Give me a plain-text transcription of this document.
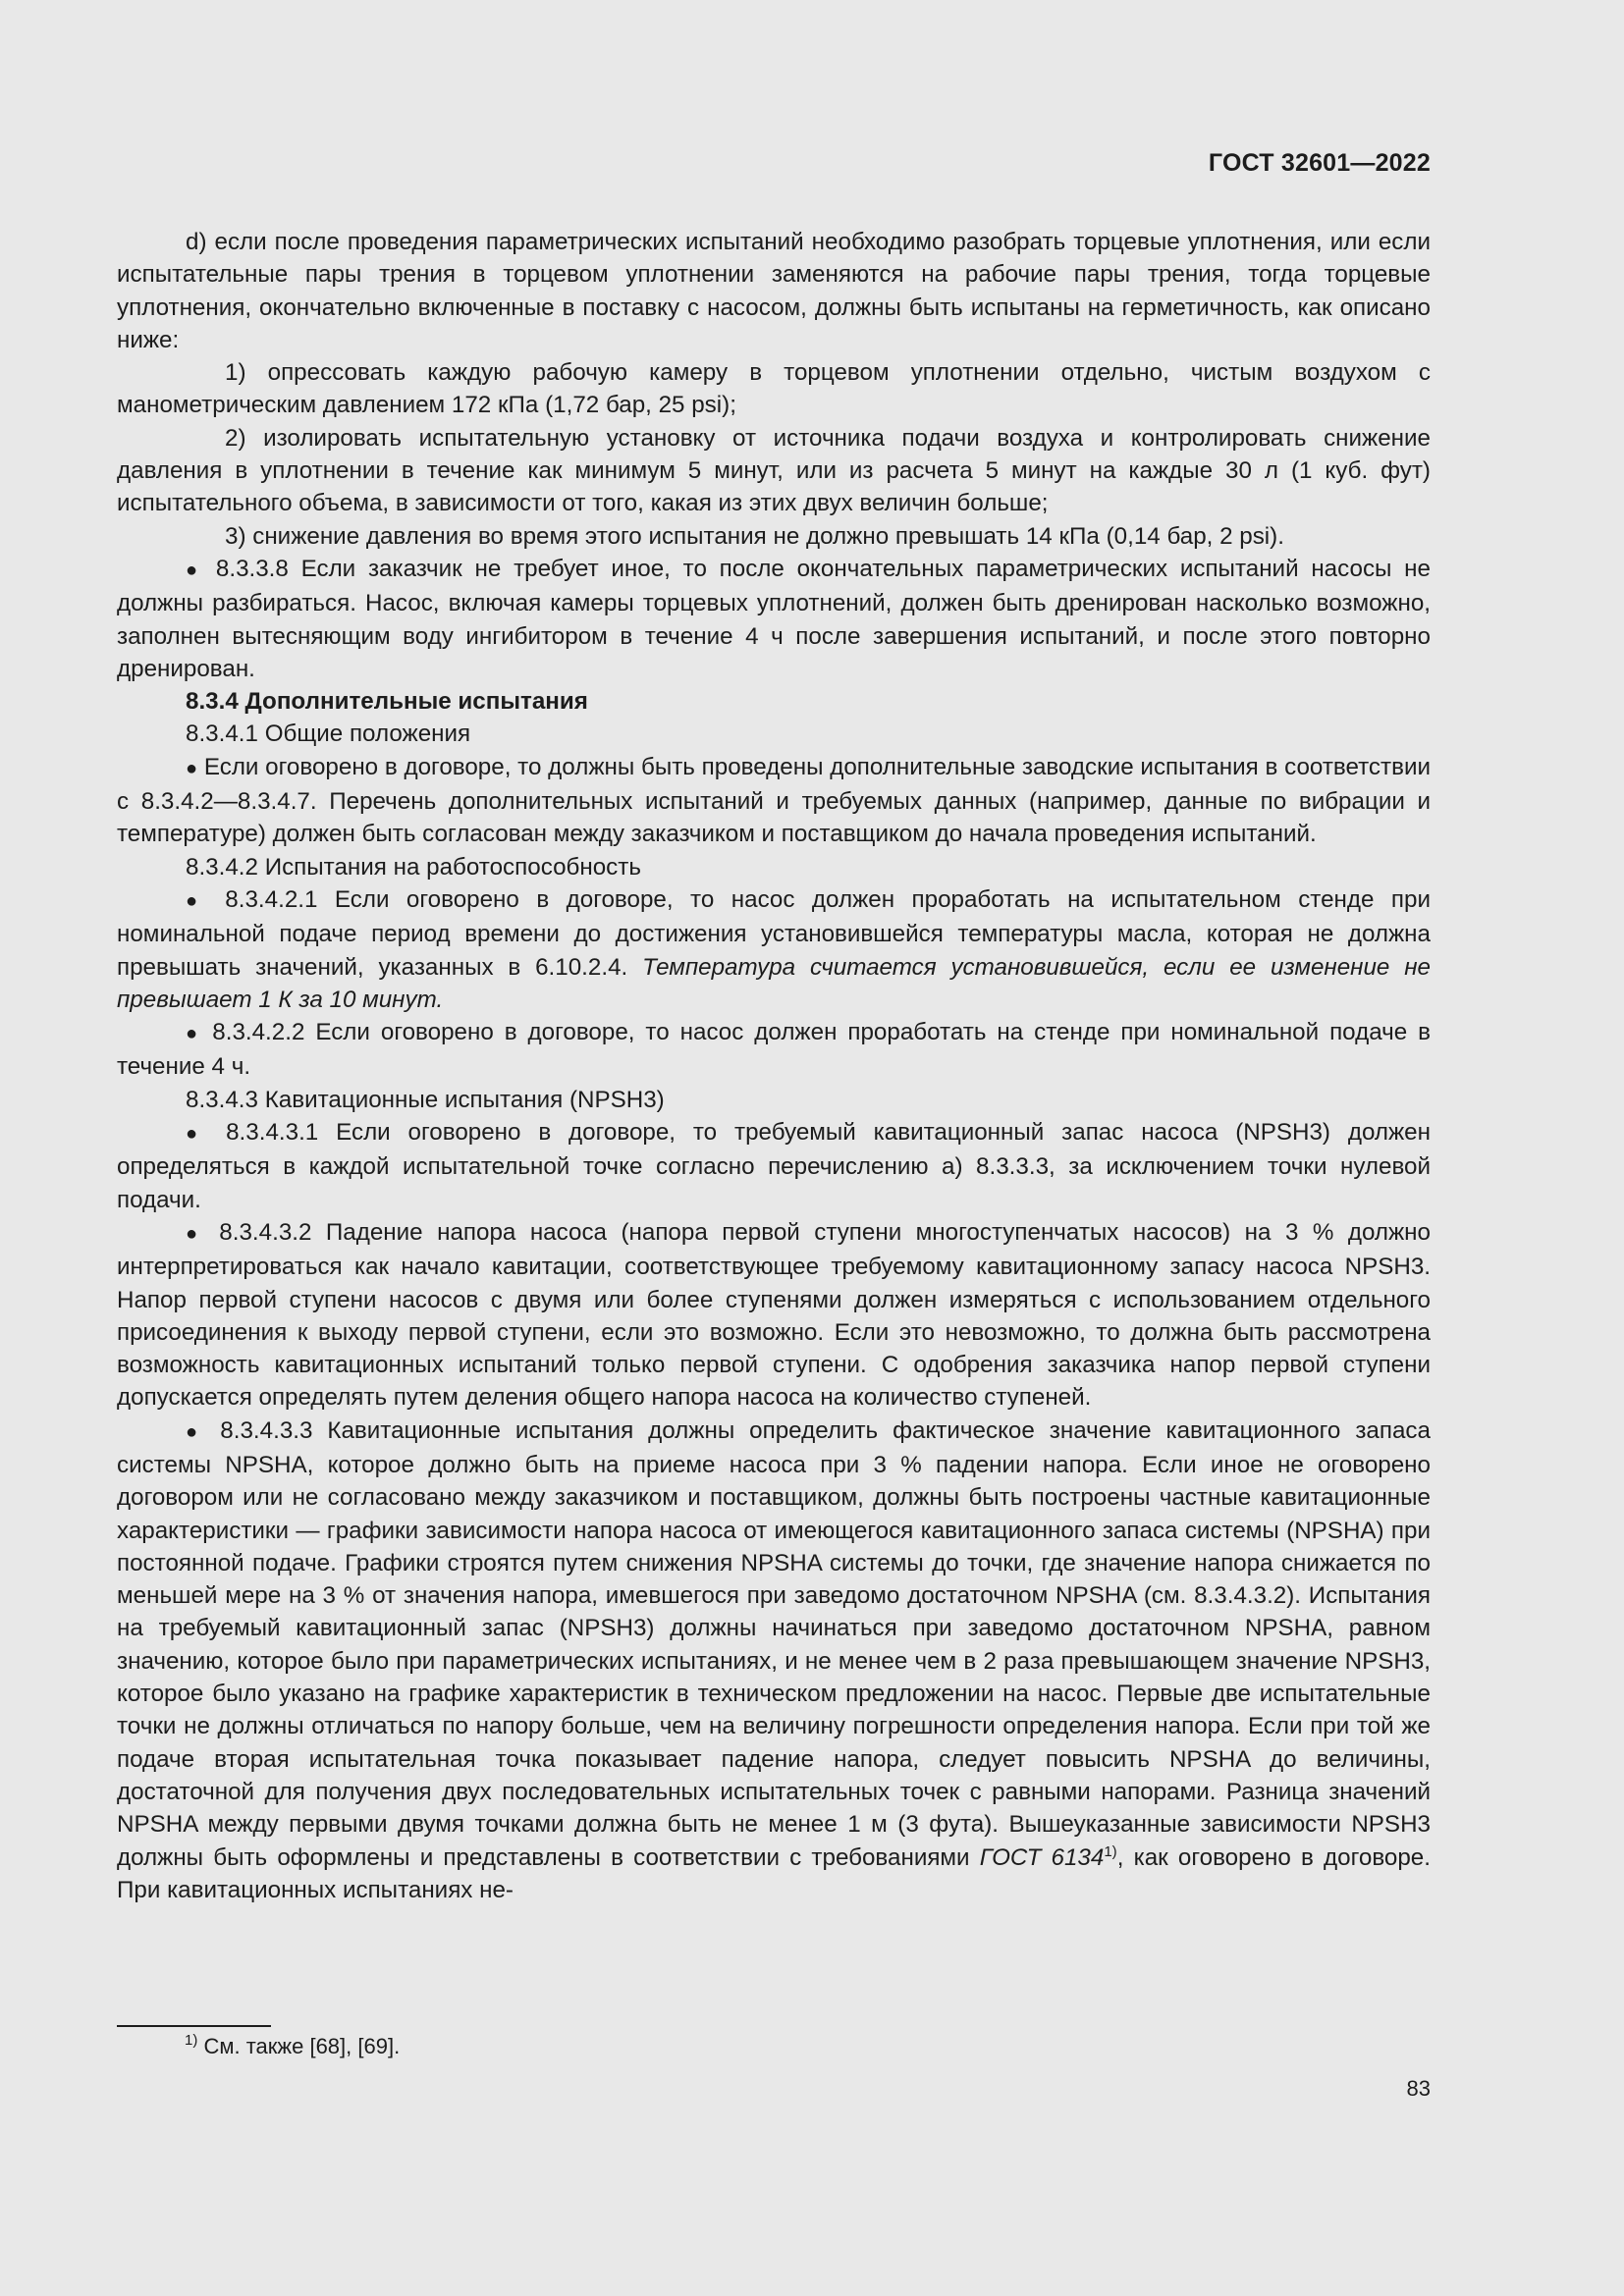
ГОСТ 32601—2022

d) если после проведения параметрических испытаний необходимо разобрать торцевые уплотнения, или если испытательные пары трения в торцевом уплотнении заменяются на рабочие пары трения, тогда торцевые уплотнения, окончательно включенные в поставку с насосом, должны быть испытаны на герметичность, как описано ниже:

1) опрессовать каждую рабочую камеру в торцевом уплотнении отдельно, чистым воздухом с манометрическим давлением 172 кПа (1,72 бар, 25 psi);

2) изолировать испытательную установку от источника подачи воздуха и контролировать снижение давления в уплотнении в течение как минимум 5 минут, или из расчета 5 минут на каждые 30 л (1 куб. фут) испытательного объема, в зависимости от того, какая из этих двух величин больше;

3) снижение давления во время этого испытания не должно превышать 14 кПа (0,14 бар, 2 psi).

● 8.3.3.8 Если заказчик не требует иное, то после окончательных параметрических испытаний насосы не должны разбираться. Насос, включая камеры торцевых уплотнений, должен быть дренирован насколько возможно, заполнен вытесняющим воду ингибитором в течение 4 ч после завершения испытаний, и после этого повторно дренирован.

8.3.4 Дополнительные испытания

8.3.4.1 Общие положения

● Если оговорено в договоре, то должны быть проведены дополнительные заводские испытания в соответствии с 8.3.4.2—8.3.4.7. Перечень дополнительных испытаний и требуемых данных (например, данные по вибрации и температуре) должен быть согласован между заказчиком и поставщиком до начала проведения испытаний.

8.3.4.2 Испытания на работоспособность

● 8.3.4.2.1 Если оговорено в договоре, то насос должен проработать на испытательном стенде при номинальной подаче период времени до достижения установившейся температуры масла, которая не должна превышать значений, указанных в 6.10.2.4. Температура считается установившейся, если ее изменение не превышает 1 К за 10 минут.

● 8.3.4.2.2 Если оговорено в договоре, то насос должен проработать на стенде при номинальной подаче в течение 4 ч.

8.3.4.3 Кавитационные испытания (NPSH3)

● 8.3.4.3.1 Если оговорено в договоре, то требуемый кавитационный запас насоса (NPSH3) должен определяться в каждой испытательной точке согласно перечислению а) 8.3.3.3, за исключением точки нулевой подачи.

● 8.3.4.3.2 Падение напора насоса (напора первой ступени многоступенчатых насосов) на 3 % должно интерпретироваться как начало кавитации, соответствующее требуемому кавитационному запасу насоса NPSH3. Напор первой ступени насосов с двумя или более ступенями должен измеряться с использованием отдельного присоединения к выходу первой ступени, если это возможно. Если это невозможно, то должна быть рассмотрена возможность кавитационных испытаний только первой ступени. С одобрения заказчика напор первой ступени допускается определять путем деления общего напора насоса на количество ступеней.

● 8.3.4.3.3 Кавитационные испытания должны определить фактическое значение кавитационного запаса системы NPSHA, которое должно быть на приеме насоса при 3 % падении напора. Если иное не оговорено договором или не согласовано между заказчиком и поставщиком, должны быть построены частные кавитационные характеристики — графики зависимости напора насоса от имеющегося кавитационного запаса системы (NPSHA) при постоянной подаче. Графики строятся путем снижения NPSHA системы до точки, где значение напора снижается по меньшей мере на 3 % от значения напора, имевшегося при заведомо достаточном NPSHA (см. 8.3.4.3.2). Испытания на требуемый кавитационный запас (NPSH3) должны начинаться при заведомо достаточном NPSHA, равном значению, которое было при параметрических испытаниях, и не менее чем в 2 раза превышающем значение NPSH3, которое было указано на графике характеристик в техническом предложении на насос. Первые две испытательные точки не должны отличаться по напору больше, чем на величину погрешности определения напора. Если при той же подаче вторая испытательная точка показывает падение напора, следует повысить NPSHA до величины, достаточной для получения двух последовательных испытательных точек с равными напорами. Разница значений NPSHA между первыми двумя точками должна быть не менее 1 м (3 фута). Вышеуказанные зависимости NPSH3 должны быть оформлены и представлены в соответствии с требованиями ГОСТ 6134$^{1)}$, как оговорено в договоре. При кавитационных испытаниях не-

$^{1)}$ См. также [68], [69].
83
